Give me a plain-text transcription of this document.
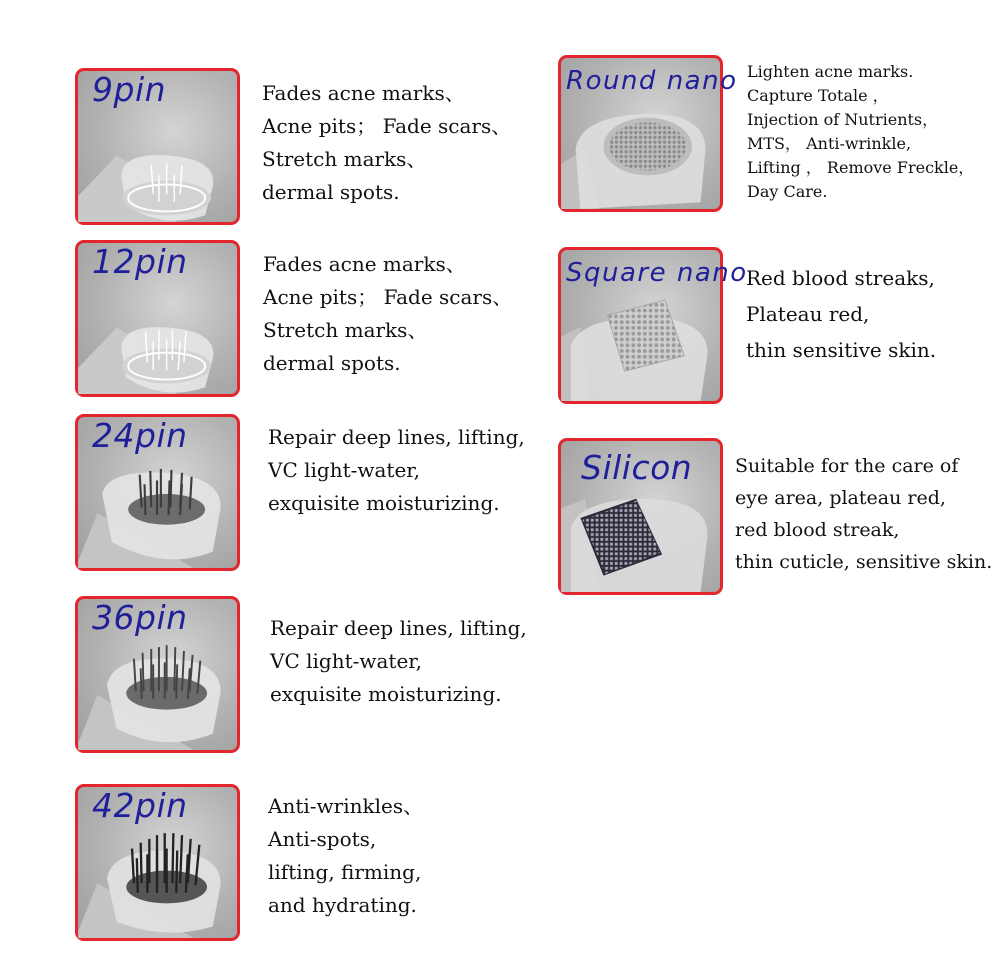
9pin	Fades acne marks、
Acne pits； Fade scars、
Stretch marks、
dermal spots.

12pin	Fades acne marks、
Acne pits； Fade scars、
Stretch marks、
dermal spots.

24pin	Repair deep lines, lifting,
VC light-water,
exquisite moisturizing.

36pin	Repair deep lines, lifting,
VC light-water,
exquisite moisturizing.

42pin	Anti-wrinkles、
Anti-spots,
lifting, firming,
and hydrating.

Round nano Lighten acne marks.
Capture Totale ，
Injection of Nutrients，
MTS， Anti-wrinkle,
Lifting ， Remove Freckle，
Day Care.

Square nano

Red blood streaks,
Plateau red,
thin sensitive skin.

Silicon Suitable for the care of
eye area, plateau red,
red blood streak,
thin cuticle, sensitive skin.
